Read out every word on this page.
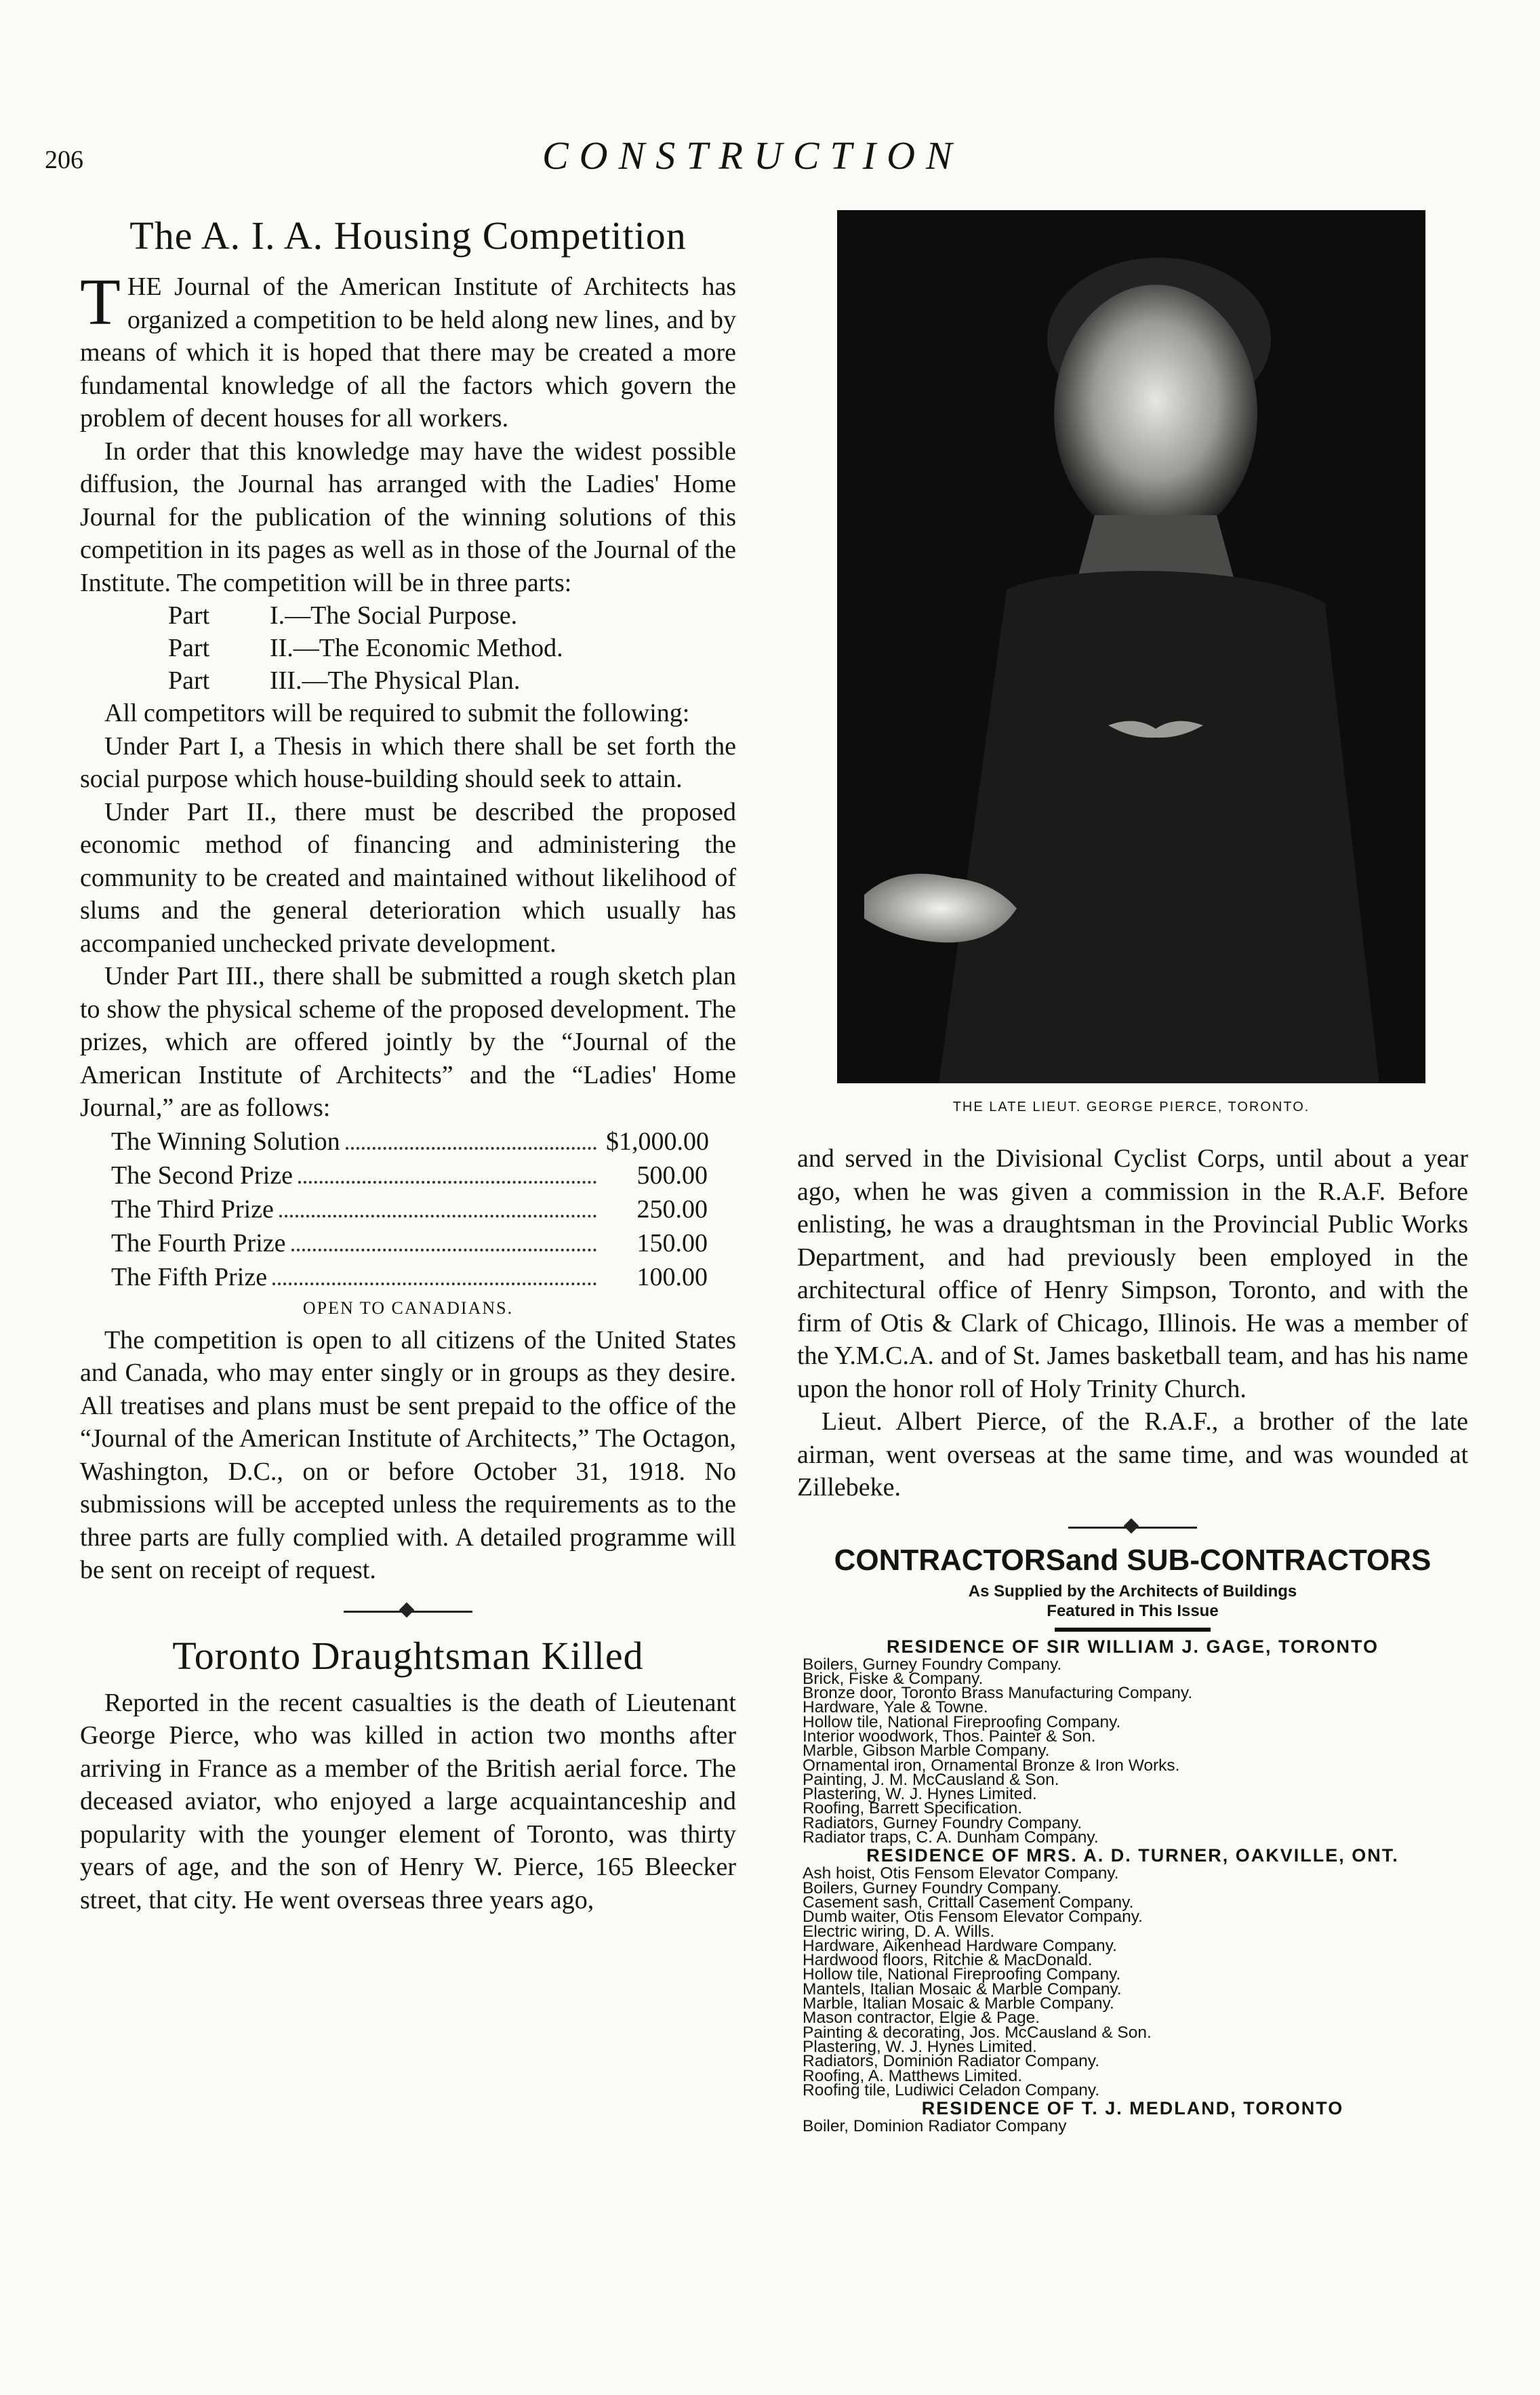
206	CONSTRUCTION
The A. I. A. Housing Competition

THE Journal of the American Institute of Architects has organized a competition to be held along new lines, and by means of which it is hoped that there may be created a more fundamental knowledge of all the factors which govern the problem of decent houses for all workers.

In order that this knowledge may have the widest possible diffusion, the Journal has arranged with the Ladies' Home Journal for the publication of the winning solutions of this competition in its pages as well as in those of the Journal of the Institute. The competition will be in three parts:

Part I.—The Social Purpose.
Part II.—The Economic Method.
Part III.—The Physical Plan.

All competitors will be required to submit the following:

Under Part I, a Thesis in which there shall be set forth the social purpose which house-building should seek to attain.

Under Part II., there must be described the proposed economic method of financing and administering the community to be created and maintained without likelihood of slums and the general deterioration which usually has accompanied unchecked private development.

Under Part III., there shall be submitted a rough sketch plan to show the physical scheme of the proposed development. The prizes, which are offered jointly by the “Journal of the American Institute of Architects” and the “Ladies' Home Journal,” are as follows:

The Winning Solution	$1,000.00
The Second Prize	500.00
The Third Prize	250.00
The Fourth Prize	150.00
The Fifth Prize	100.00
OPEN TO CANADIANS.

The competition is open to all citizens of the United States and Canada, who may enter singly or in groups as they desire. All treatises and plans must be sent prepaid to the office of the “Journal of the American Institute of Architects,” The Octagon, Washington, D.C., on or before October 31, 1918. No submissions will be accepted unless the requirements as to the three parts are fully complied with. A detailed programme will be sent on receipt of request.

Toronto Draughtsman Killed

Reported in the recent casualties is the death of Lieutenant George Pierce, who was killed in action two months after arriving in France as a member of the British aerial force. The deceased aviator, who enjoyed a large acquaintanceship and popularity with the younger element of Toronto, was thirty years of age, and the son of Henry W. Pierce, 165 Bleecker street, that city. He went overseas three years ago,

THE LATE LIEUT. GEORGE PIERCE, TORONTO.

and served in the Divisional Cyclist Corps, until about a year ago, when he was given a commission in the R.A.F. Before enlisting, he was a draughtsman in the Provincial Public Works Department, and had previously been employed in the architectural office of Henry Simpson, Toronto, and with the firm of Otis & Clark of Chicago, Illinois. He was a member of the Y.M.C.A. and of St. James basketball team, and has his name upon the honor roll of Holy Trinity Church.

Lieut. Albert Pierce, of the R.A.F., a brother of the late airman, went overseas at the same time, and was wounded at Zillebeke.

CONTRACTORSand SUB-CONTRACTORS
As Supplied by the Architects of Buildings
Featured in This Issue
RESIDENCE OF SIR WILLIAM J. GAGE, TORONTO
Boilers, Gurney Foundry Company.
Brick, Fiske & Company.
Bronze door, Toronto Brass Manufacturing Company.
Hardware, Yale & Towne.
Hollow tile, National Fireproofing Company.
Interior woodwork, Thos. Painter & Son.
Marble, Gibson Marble Company.
Ornamental iron, Ornamental Bronze & Iron Works.
Painting, J. M. McCausland & Son.
Plastering, W. J. Hynes Limited.
Roofing, Barrett Specification.
Radiators, Gurney Foundry Company.
Radiator traps, C. A. Dunham Company.
RESIDENCE OF MRS. A. D. TURNER, OAKVILLE, ONT.
Ash hoist, Otis Fensom Elevator Company.
Boilers, Gurney Foundry Company.
Casement sash, Crittall Casement Company.
Dumb waiter, Otis Fensom Elevator Company.
Electric wiring, D. A. Wills.
Hardware, Aikenhead Hardware Company.
Hardwood floors, Ritchie & MacDonald.
Hollow tile, National Fireproofing Company.
Mantels, Italian Mosaic & Marble Company.
Marble, Italian Mosaic & Marble Company.
Mason contractor, Elgie & Page.
Painting & decorating, Jos. McCausland & Son.
Plastering, W. J. Hynes Limited.
Radiators, Dominion Radiator Company.
Roofing, A. Matthews Limited.
Roofing tile, Ludiwici Celadon Company.
RESIDENCE OF T. J. MEDLAND, TORONTO
Boiler, Dominion Radiator Company
